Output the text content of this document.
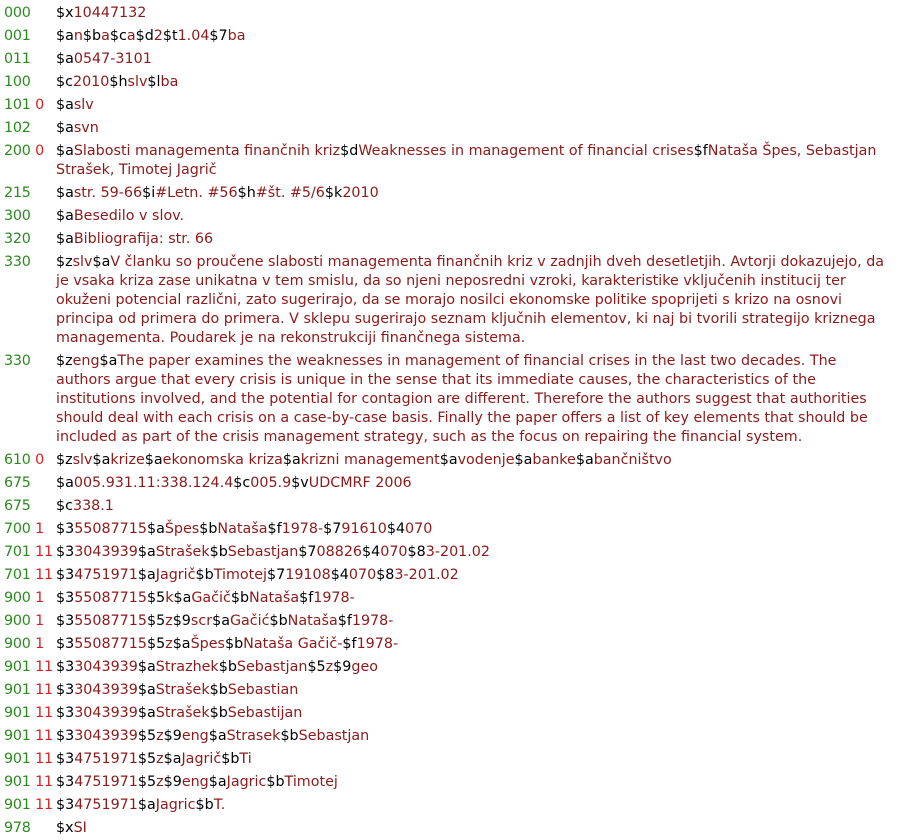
000	$x10447132
001	$an$ba$ca$d2$t1.04$7ba
011	$a0547-3101
100	$c2010$hslv$lba
101 0 $aslv
102	$asvn
200 0 $aSlabosti managementa finančnih kriz$dWeaknesses in management of financial crises$fNataša Špes, Sebastjan Strašek, Timotej Jagrič
215	$astr. 59-66$i#Letn. #56$h#št. #5/6$k2010
300	$aBesedilo v slov.
320	$aBibliografija: str. 66
330	$zslv$aV članku so proučene slabosti managementa finančnih kriz v zadnjih dveh desetletjih. Avtorji dokazujejo, da je vsaka kriza zase unikatna v tem smislu, da so njeni neposredni vzroki, karakteristike vključenih institucij ter okuženi potencial različni, zato sugerirajo, da se morajo nosilci ekonomske politike spoprijeti s krizo na osnovi principa od primera do primera. V sklepu sugerirajo seznam ključnih elementov, ki naj bi tvorili strategijo kriznega managementa. Poudarek je na rekonstrukciji finančnega sistema.
330	$zeng$aThe paper examines the weaknesses in management of financial crises in the last two decades. The authors argue that every crisis is unique in the sense that its immediate causes, the characteristics of the institutions involved, and the potential for contagion are different. Therefore the authors suggest that authorities should deal with each crisis on a case-by-case basis. Finally the paper offers a list of key elements that should be included as part of the crisis management strategy, such as the focus on repairing the financial system.
610 0 $zslv$akrize$aekonomska kriza$akrizni management$avodenje$abanke$abančništvo
675	$a005.931.11:338.124.4$c005.9$vUDCMRF 2006
675	$c338.1
700 1 $355087715$aŠpes$bNataša$f1978-$791610$4070
701 11 $33043939$aStrašek$bSebastjan$708826$4070$83-201.02
701 11 $34751971$aJagrič$bTimotej$719108$4070$83-201.02
900 1 $355087715$5k$aGačič$bNataša$f1978-
900 1 $355087715$5z$9scr$aGačić$bNataša$f1978-
900 1 $355087715$5z$aŠpes$bNataša Gačič-$f1978-
901 11 $33043939$aStrazhek$bSebastjan$5z$9geo
901 11 $33043939$aStrašek$bSebastian
901 11 $33043939$aStrašek$bSebastijan
901 11 $33043939$5z$9eng$aStrasek$bSebastjan
901 11 $34751971$5z$aJagrič$bTi
901 11 $34751971$5z$9eng$aJagric$bTimotej
901 11 $34751971$aJagric$bT.
978	$xSI
